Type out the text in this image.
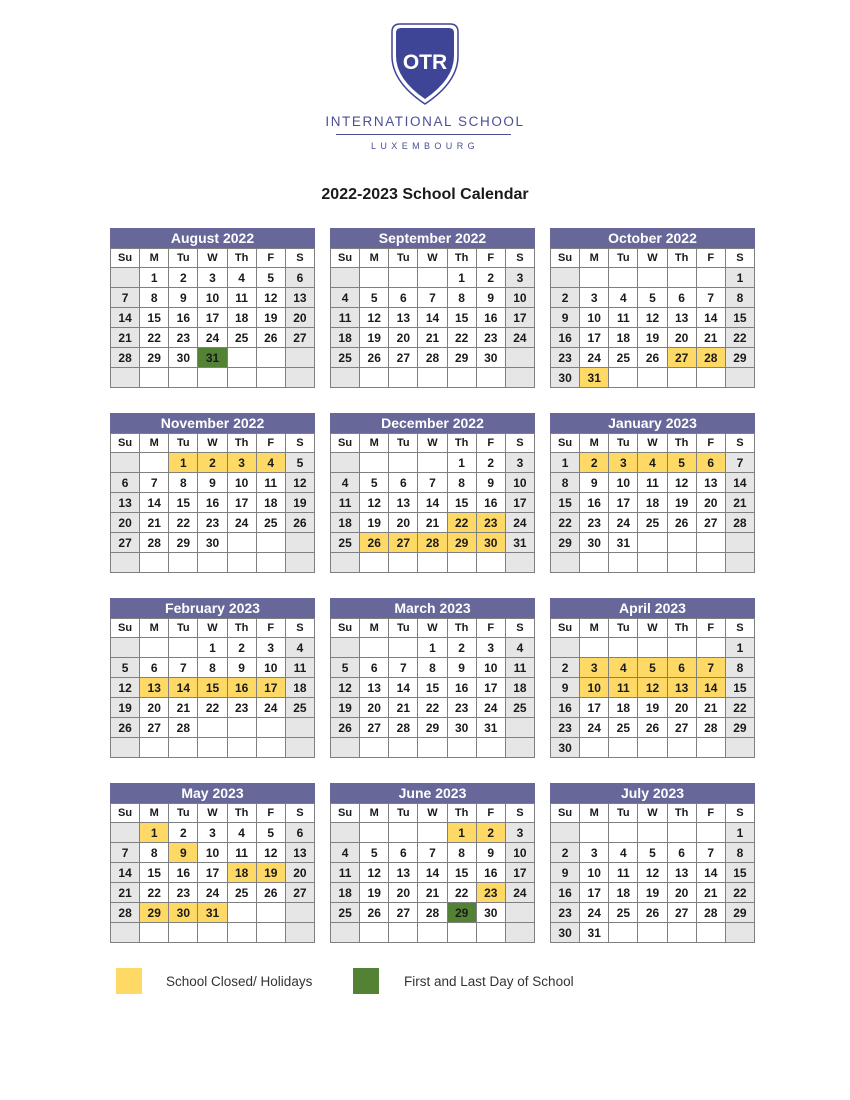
OTR
INTERNATIONAL SCHOOL
LUXEMBOURG
2022-2023 School Calendar
August 2022
Su	M	Tu	W	Th	F	S
	1	2	3	4	5	6
7	8	9	10	11	12	13
14	15	16	17	18	19	20
21	22	23	24	25	26	27
28	29	30	31			

September 2022
Su	M	Tu	W	Th	F	S
				1	2	3
4	5	6	7	8	9	10
11	12	13	14	15	16	17
18	19	20	21	22	23	24
25	26	27	28	29	30	

October 2022
Su	M	Tu	W	Th	F	S
						1
2	3	4	5	6	7	8
9	10	11	12	13	14	15
16	17	18	19	20	21	22
23	24	25	26	27	28	29
30	31					
November 2022
Su	M	Tu	W	Th	F	S
		1	2	3	4	5
6	7	8	9	10	11	12
13	14	15	16	17	18	19
20	21	22	23	24	25	26
27	28	29	30			

December 2022
Su	M	Tu	W	Th	F	S
				1	2	3
4	5	6	7	8	9	10
11	12	13	14	15	16	17
18	19	20	21	22	23	24
25	26	27	28	29	30	31

January 2023
Su	M	Tu	W	Th	F	S
1	2	3	4	5	6	7
8	9	10	11	12	13	14
15	16	17	18	19	20	21
22	23	24	25	26	27	28
29	30	31				

February 2023
Su	M	Tu	W	Th	F	S
			1	2	3	4
5	6	7	8	9	10	11
12	13	14	15	16	17	18
19	20	21	22	23	24	25
26	27	28				

March 2023
Su	M	Tu	W	Th	F	S
			1	2	3	4
5	6	7	8	9	10	11
12	13	14	15	16	17	18
19	20	21	22	23	24	25
26	27	28	29	30	31	

April 2023
Su	M	Tu	W	Th	F	S
						1
2	3	4	5	6	7	8
9	10	11	12	13	14	15
16	17	18	19	20	21	22
23	24	25	26	27	28	29
30						
May 2023
Su	M	Tu	W	Th	F	S
	1	2	3	4	5	6
7	8	9	10	11	12	13
14	15	16	17	18	19	20
21	22	23	24	25	26	27
28	29	30	31			

June 2023
Su	M	Tu	W	Th	F	S
				1	2	3
4	5	6	7	8	9	10
11	12	13	14	15	16	17
18	19	20	21	22	23	24
25	26	27	28	29	30	

July 2023
Su	M	Tu	W	Th	F	S
						1
2	3	4	5	6	7	8
9	10	11	12	13	14	15
16	17	18	19	20	21	22
23	24	25	26	27	28	29
30	31					
School Closed/ Holidays	First and Last Day of School
